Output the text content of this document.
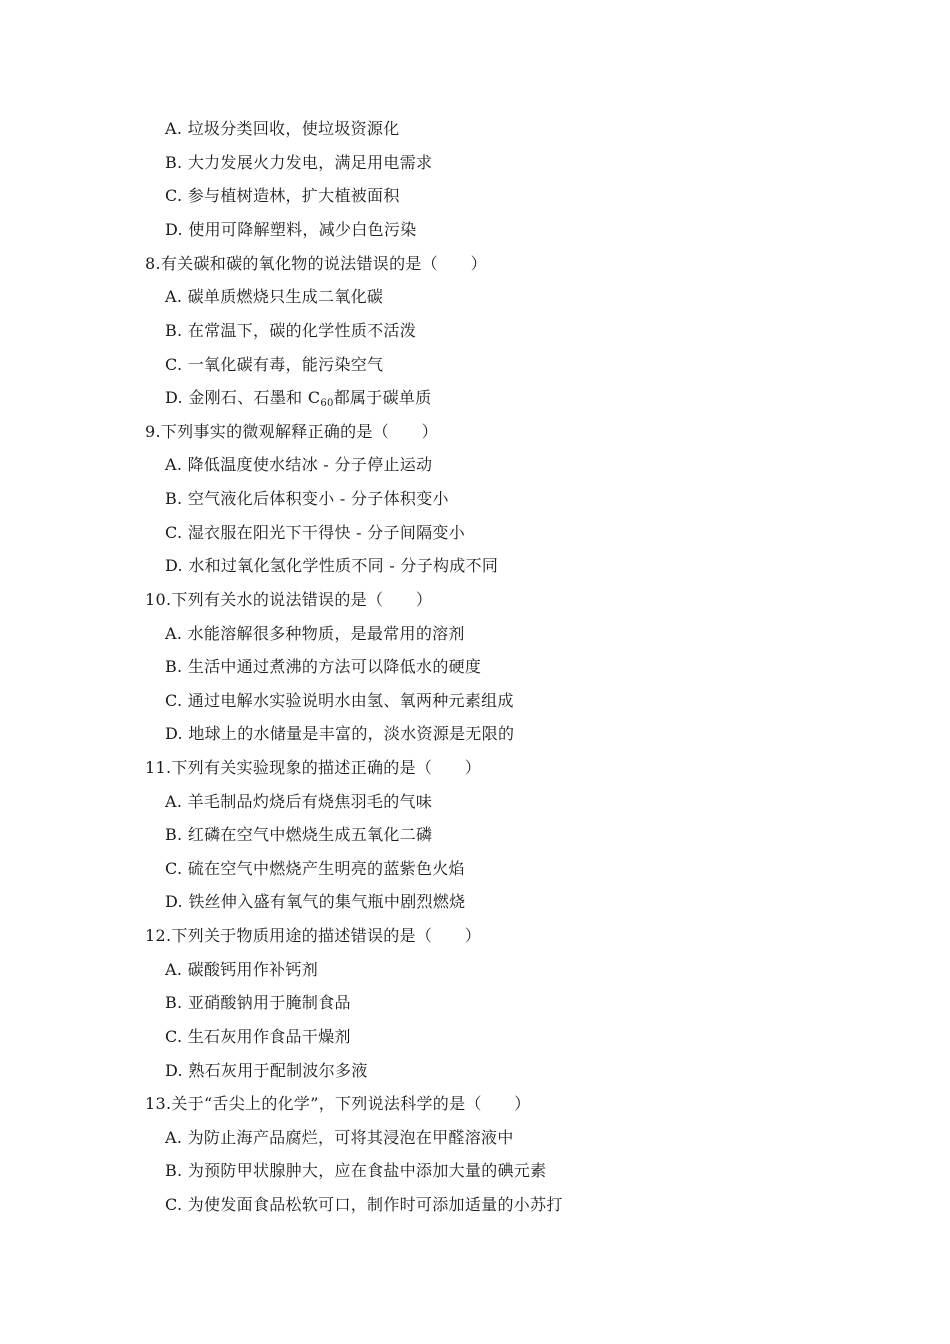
A. 垃圾分类回收，使垃圾资源化
B. 大力发展火力发电，满足用电需求
C. 参与植树造林，扩大植被面积
D. 使用可降解塑料，减少白色污染
8.有关碳和碳的氧化物的说法错误的是（　　）
A. 碳单质燃烧只生成二氧化碳
B. 在常温下，碳的化学性质不活泼
C. 一氧化碳有毒，能污染空气
D. 金刚石、石墨和 $C_{60}$都属于碳单质
9.下列事实的微观解释正确的是（　　）
A. 降低温度使水结冰 - 分子停止运动
B. 空气液化后体积变小 - 分子体积变小
C. 湿衣服在阳光下干得快 - 分子间隔变小
D. 水和过氧化氢化学性质不同 - 分子构成不同
10.下列有关水的说法错误的是（　　）
A. 水能溶解很多种物质，是最常用的溶剂
B. 生活中通过煮沸的方法可以降低水的硬度
C. 通过电解水实验说明水由氢、氧两种元素组成
D. 地球上的水储量是丰富的，淡水资源是无限的
11.下列有关实验现象的描述正确的是（　　）
A. 羊毛制品灼烧后有烧焦羽毛的气味
B. 红磷在空气中燃烧生成五氧化二磷
C. 硫在空气中燃烧产生明亮的蓝紫色火焰
D. 铁丝伸入盛有氧气的集气瓶中剧烈燃烧
12.下列关于物质用途的描述错误的是（　　）
A. 碳酸钙用作补钙剂
B. 亚硝酸钠用于腌制食品
C. 生石灰用作食品干燥剂
D. 熟石灰用于配制波尔多液
13.关于“舌尖上的化学”，下列说法科学的是（　　）
A. 为防止海产品腐烂，可将其浸泡在甲醛溶液中
B. 为预防甲状腺肿大，应在食盐中添加大量的碘元素
C. 为使发面食品松软可口，制作时可添加适量的小苏打
